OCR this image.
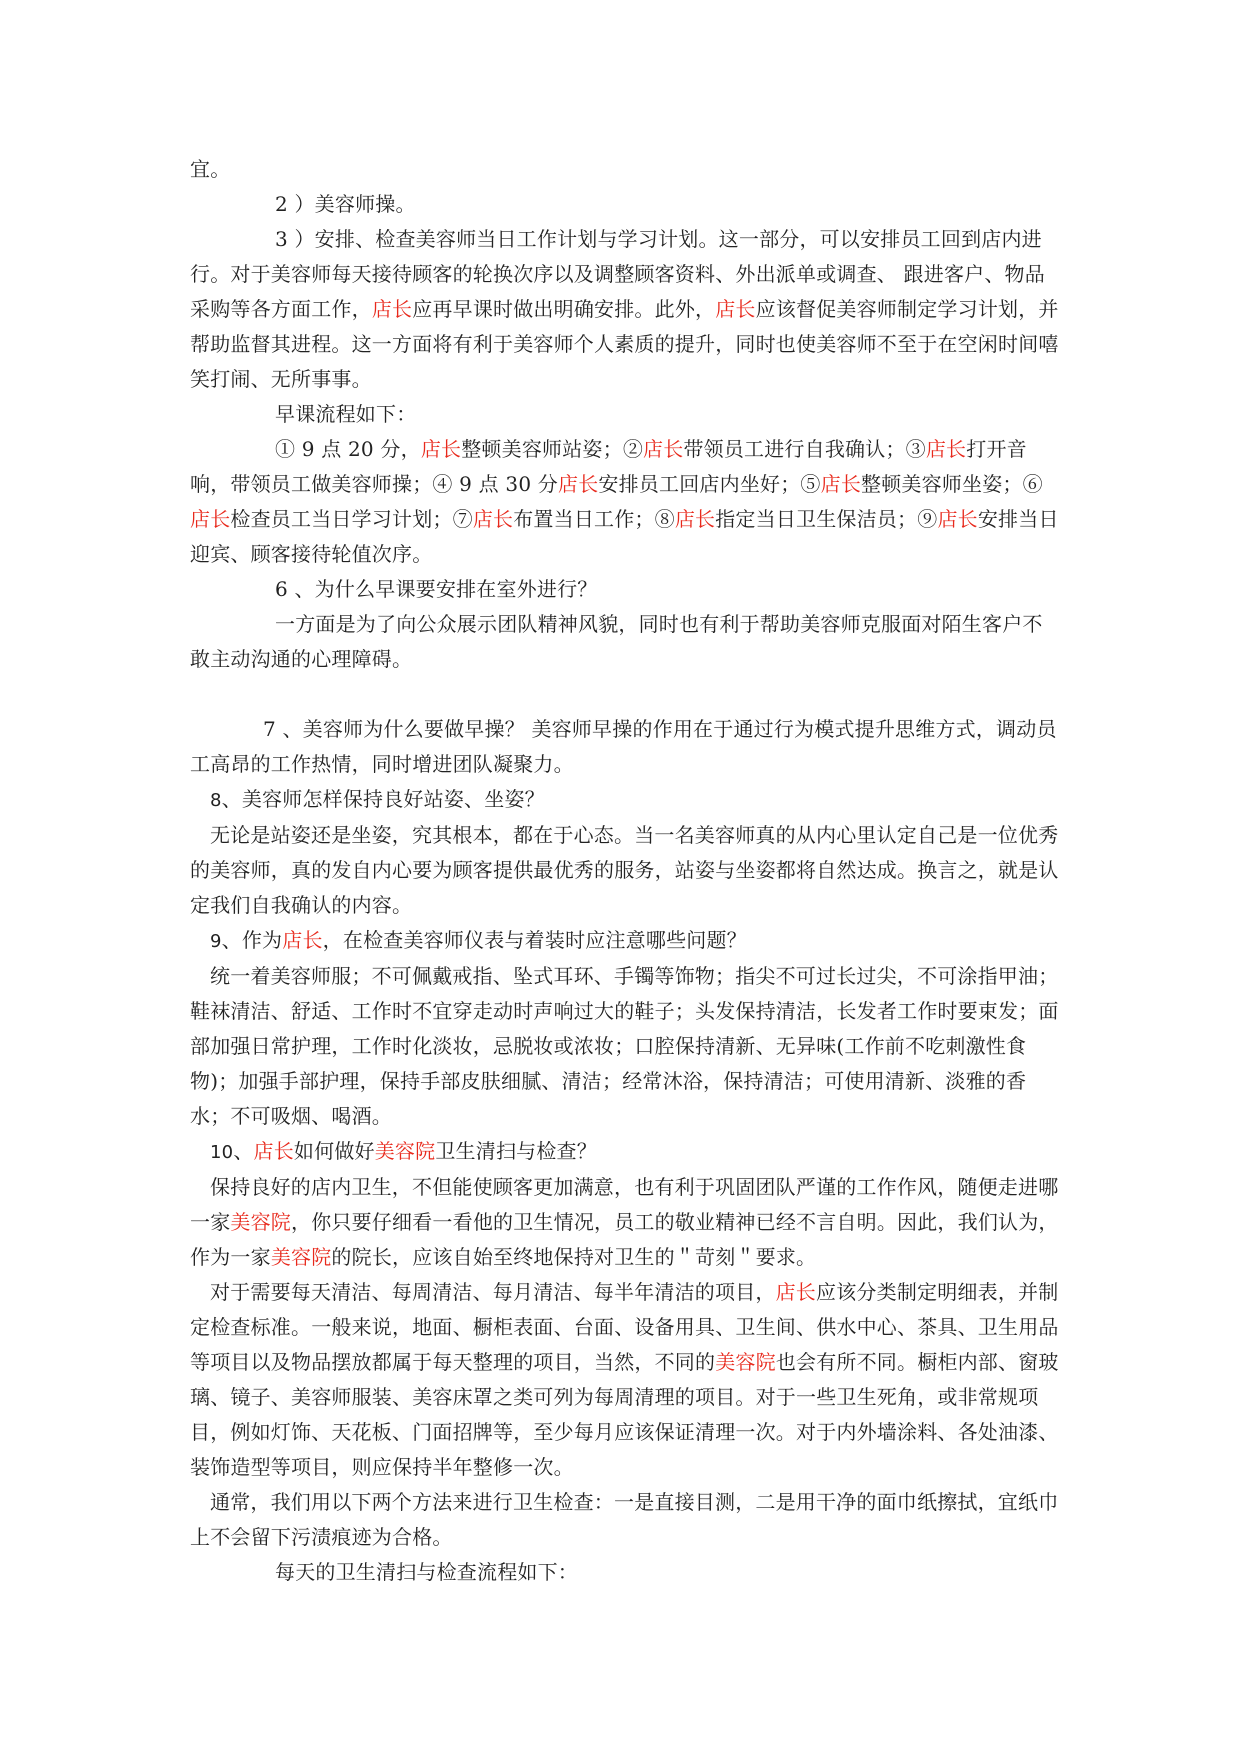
宜。

2 ）美容师操。

3 ）安排、检查美容师当日工作计划与学习计划。这一部分，可以安排员工回到店内进行。对于美容师每天接待顾客的轮换次序以及调整顾客资料、外出派单或调查、 跟进客户、物品采购等各方面工作，店长应再早课时做出明确安排。此外，店长应该督促美容师制定学习计划，并帮助监督其进程。这一方面将有利于美容师个人素质的提升，同时也使美容师不至于在空闲时间嘻笑打闹、无所事事。

早课流程如下：

① 9 点 20 分，店长整顿美容师站姿；②店长带领员工进行自我确认；③店长打开音响，带领员工做美容师操；④ 9 点 30 分店长安排员工回店内坐好；⑤店长整顿美容师坐姿；⑥店长检查员工当日学习计划；⑦店长布置当日工作；⑧店长指定当日卫生保洁员；⑨店长安排当日迎宾、顾客接待轮值次序。

6 、为什么早课要安排在室外进行？

一方面是为了向公众展示团队精神风貌，同时也有利于帮助美容师克服面对陌生客户不敢主动沟通的心理障碍。

7 、美容师为什么要做早操？ 美容师早操的作用在于通过行为模式提升思维方式，调动员工高昂的工作热情，同时增进团队凝聚力。

8、美容师怎样保持良好站姿、坐姿？

无论是站姿还是坐姿，究其根本，都在于心态。当一名美容师真的从内心里认定自己是一位优秀的美容师，真的发自内心要为顾客提供最优秀的服务，站姿与坐姿都将自然达成。换言之，就是认定我们自我确认的内容。

9、作为店长，在检查美容师仪表与着装时应注意哪些问题？

统一着美容师服；不可佩戴戒指、坠式耳环、手镯等饰物；指尖不可过长过尖，不可涂指甲油；鞋袜清洁、舒适、工作时不宜穿走动时声响过大的鞋子；头发保持清洁，长发者工作时要束发；面部加强日常护理，工作时化淡妆，忌脱妆或浓妆；口腔保持清新、无异味(工作前不吃刺激性食物)；加强手部护理，保持手部皮肤细腻、清洁；经常沐浴，保持清洁；可使用清新、淡雅的香水；不可吸烟、喝酒。

10、店长如何做好美容院卫生清扫与检查？

保持良好的店内卫生，不但能使顾客更加满意，也有利于巩固团队严谨的工作作风，随便走进哪一家美容院，你只要仔细看一看他的卫生情况，员工的敬业精神已经不言自明。因此，我们认为，作为一家美容院的院长，应该自始至终地保持对卫生的＂苛刻＂要求。

对于需要每天清洁、每周清洁、每月清洁、每半年清洁的项目，店长应该分类制定明细表，并制定检查标准。一般来说，地面、橱柜表面、台面、设备用具、卫生间、供水中心、茶具、卫生用品等项目以及物品摆放都属于每天整理的项目，当然，不同的美容院也会有所不同。橱柜内部、窗玻璃、镜子、美容师服装、美容床罩之类可列为每周清理的项目。对于一些卫生死角，或非常规项目，例如灯饰、天花板、门面招牌等，至少每月应该保证清理一次。对于内外墙涂料、各处油漆、装饰造型等项目，则应保持半年整修一次。

通常，我们用以下两个方法来进行卫生检查：一是直接目测，二是用干净的面巾纸擦拭，宜纸巾上不会留下污渍痕迹为合格。

每天的卫生清扫与检查流程如下：
